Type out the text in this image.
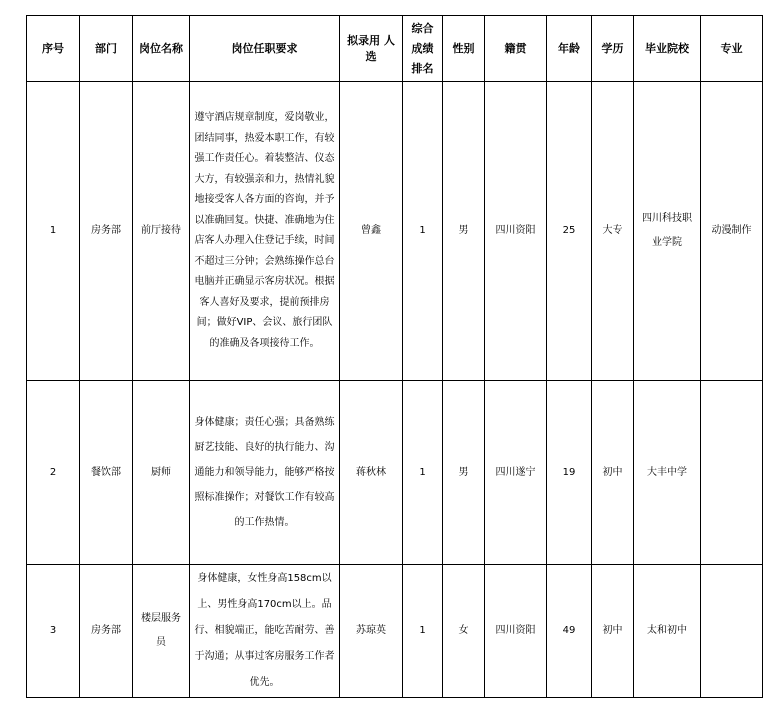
序号	部门	岗位名称	岗位任职要求	拟录用 人选	综合成绩排名	性别	籍贯	年龄	学历	毕业院校	专业
1	房务部	前厅接待	遵守酒店规章制度，爱岗敬业，团结同事，热爱本职工作，有较强工作责任心。着装整洁、仪态大方，有较强亲和力，热情礼貌地接受客人各方面的咨询，并予以准确回复。快捷、准确地为住店客人办理入住登记手续，时间不超过三分钟；会熟练操作总台电脑并正确显示客房状况。根据客人喜好及要求，提前预排房间；做好VIP、会议、旅行团队的准确及各项接待工作。	曾鑫	1	男	四川资阳	25	大专	四川科技职业学院	动漫制作
2	餐饮部	厨师	身体健康；责任心强；具备熟练厨艺技能、良好的执行能力、沟通能力和领导能力，能够严格按照标准操作；对餐饮工作有较高的工作热情。	蒋秋林	1	男	四川遂宁	19	初中	大丰中学	
3	房务部	楼层服务员	身体健康，女性身高158cm以上、男性身高170cm以上。品行、相貌端正，能吃苦耐劳、善于沟通；从事过客房服务工作者优先。	苏琼英	1	女	四川资阳	49	初中	太和初中	
